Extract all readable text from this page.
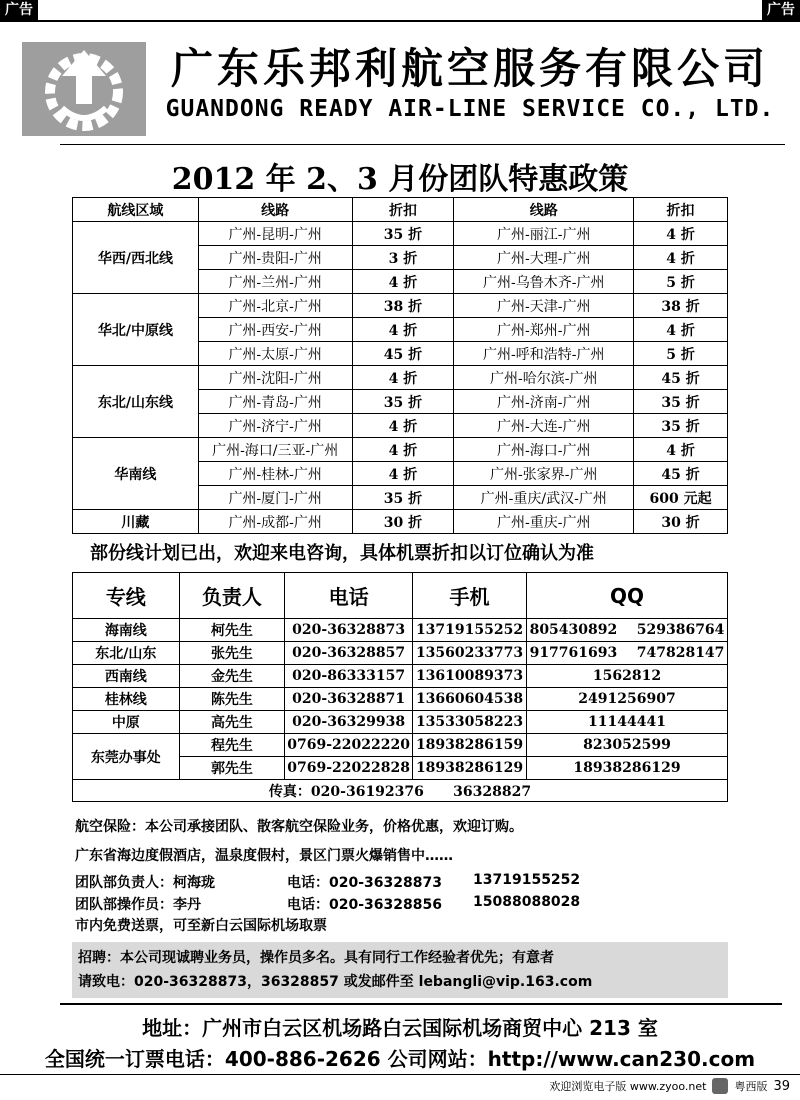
广告	广告
广东乐邦利航空服务有限公司
GUANDONG READY AIR-LINE SERVICE CO., LTD.
2012 年 2、3 月份团队特惠政策
航线区域	线路	折扣	线路	折扣
华西/西北线	广州-昆明-广州	35 折	广州-丽江-广州	4 折
	广州-贵阳-广州	3 折	广州-大理-广州	4 折
	广州-兰州-广州	4 折	广州-乌鲁木齐-广州	5 折
华北/中原线	广州-北京-广州	38 折	广州-天津-广州	38 折
	广州-西安-广州	4 折	广州-郑州-广州	4 折
	广州-太原-广州	45 折	广州-呼和浩特-广州	5 折
东北/山东线	广州-沈阳-广州	4 折	广州-哈尔滨-广州	45 折
	广州-青岛-广州	35 折	广州-济南-广州	35 折
	广州-济宁-广州	4 折	广州-大连-广州	35 折
华南线	广州-海口/三亚-广州	4 折	广州-海口-广州	4 折
	广州-桂林-广州	4 折	广州-张家界-广州	45 折
	广州-厦门-广州	35 折	广州-重庆/武汉-广州	600 元起
川藏	广州-成都-广州	30 折	广州-重庆-广州	30 折
部份线计划已出，欢迎来电咨询，具体机票折扣以订位确认为准
专线	负责人	电话	手机	QQ
海南线	柯先生	020-36328873	13719155252	805430892    529386764
东北/山东	张先生	020-36328857	13560233773	917761693    747828147
西南线	金先生	020-86333157	13610089373	1562812
桂林线	陈先生	020-36328871	13660604538	2491256907
中原	高先生	020-36329938	13533058223	11144441
东莞办事处	程先生	0769-22022220	18938286159	823052599
	郭先生	0769-22022828	18938286129	18938286129
传真：020-36192376      36328827				
航空保险：本公司承接团队、散客航空保险业务，价格优惠，欢迎订购。
广东省海边度假酒店，温泉度假村，景区门票火爆销售中……
团队部负责人：柯海珑	电话：020-36328873 13719155252
团队部操作员：李丹	电话：020-36328856 15088088028
市内免费送票，可至新白云国际机场取票
招聘：本公司现诚聘业务员，操作员多名。具有同行工作经验者优先；有意者
请致电：020-36328873，36328857 或发邮件至 lebangli@vip.163.com
地址：广州市白云区机场路白云国际机场商贸中心 213 室
全国统一订票电话：400-886-2626 公司网站：http://www.can230.com
欢迎浏览电子版 www.zyoo.net	粤西版 39
